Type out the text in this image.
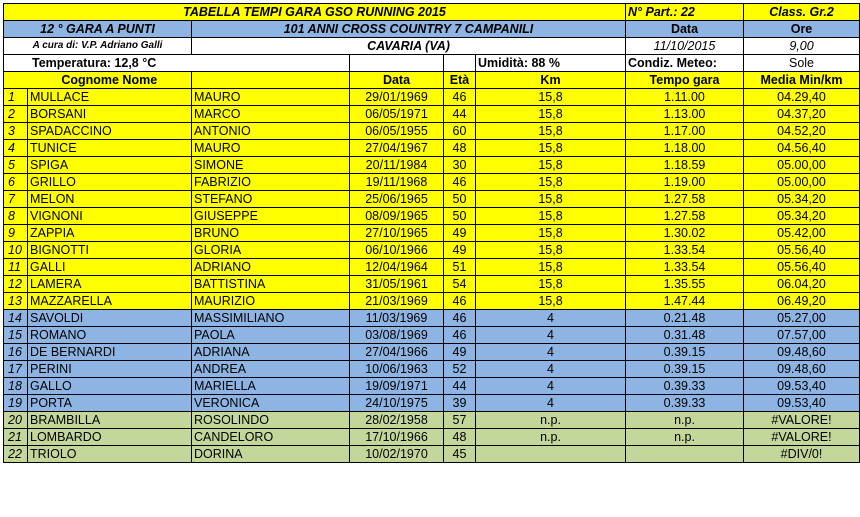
TABELLA TEMPI GARA GSO RUNNING 2015						N° Part.: 22	Class. Gr.2
12 ° GARA A PUNTI		101 ANNI CROSS COUNTRY 7 CAMPANILI				Data	Ore
A cura di: V.P. Adriano Galli		CAVARIA (VA)				11/10/2015	9,00
Temperatura: 12,8 °C					Umidità: 88 %	Condiz. Meteo:	Sole
	Cognome Nome		Data	Età	Km	Tempo gara	Media Min/km
1	MULLACE	MAURO	29/01/1969	46	15,8	1.11.00	04.29,40
2	BORSANI	MARCO	06/05/1971	44	15,8	1.13.00	04.37,20
3	SPADACCINO	ANTONIO	06/05/1955	60	15,8	1.17.00	04.52,20
4	TUNICE	MAURO	27/04/1967	48	15,8	1.18.00	04.56,40
5	SPIGA	SIMONE	20/11/1984	30	15,8	1.18.59	05.00,00
6	GRILLO	FABRIZIO	19/11/1968	46	15,8	1.19.00	05.00,00
7	MELON	STEFANO	25/06/1965	50	15,8	1.27.58	05.34,20
8	VIGNONI	GIUSEPPE	08/09/1965	50	15,8	1.27.58	05.34,20
9	ZAPPIA	BRUNO	27/10/1965	49	15,8	1.30.02	05.42,00
10	BIGNOTTI	GLORIA	06/10/1966	49	15,8	1.33.54	05.56,40
11	GALLI	ADRIANO	12/04/1964	51	15,8	1.33.54	05.56,40
12	LAMERA	BATTISTINA	31/05/1961	54	15,8	1.35.55	06.04,20
13	MAZZARELLA	MAURIZIO	21/03/1969	46	15,8	1.47.44	06.49,20
14	SAVOLDI	MASSIMILIANO	11/03/1969	46	4	0.21.48	05.27,00
15	ROMANO	PAOLA	03/08/1969	46	4	0.31.48	07.57,00
16	DE BERNARDI	ADRIANA	27/04/1966	49	4	0.39.15	09.48,60
17	PERINI	ANDREA	10/06/1963	52	4	0.39.15	09.48,60
18	GALLO	MARIELLA	19/09/1971	44	4	0.39.33	09.53,40
19	PORTA	VERONICA	24/10/1975	39	4	0.39.33	09.53,40
20	BRAMBILLA	ROSOLINDO	28/02/1958	57	n.p.	n.p.	#VALORE!
21	LOMBARDO	CANDELORO	17/10/1966	48	n.p.	n.p.	#VALORE!
22	TRIOLO	DORINA	10/02/1970	45			#DIV/0!
